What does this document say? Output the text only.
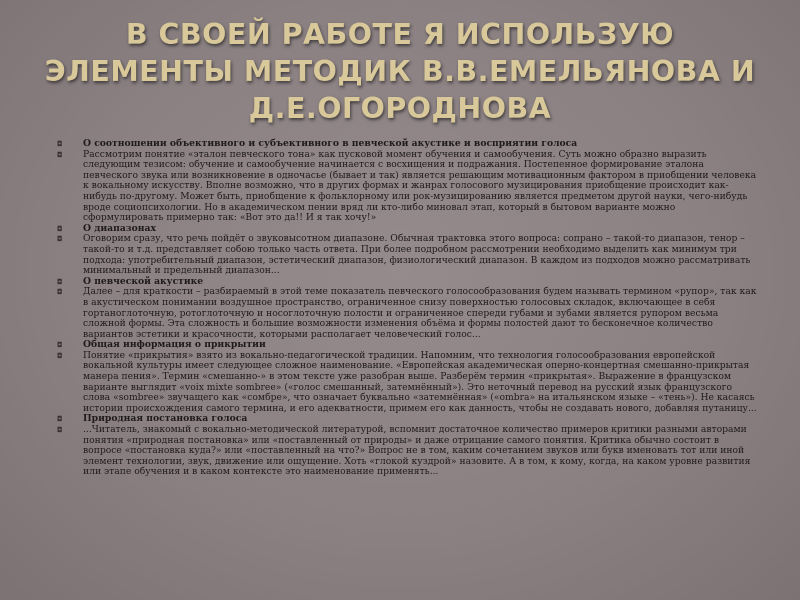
В СВОЕЙ РАБОТЕ Я ИСПОЛЬЗУЮ
ЭЛЕМЕНТЫ МЕТОДИК В.В.ЕМЕЛЬЯНОВА И
Д.Е.ОГОРОДНОВА
◘	О соотношении объективного и субъективного в певческой акустике и восприятии голоса
◘	Рассмотрим понятие «эталон певческого тона» как пусковой момент обучения и самообучения. Суть можно образно выразить следующим тезисом: обучение и самообучение начинается с восхищения и подражания. Постепенное формирование эталона певческого звука или возникновение в одночасье (бывает и так) является решающим мотивационным фактором в приобщении человека к вокальному искусству. Вполне возможно, что в других формах и жанрах голосового музицирования приобщение происходит как-нибудь по-другому. Может быть, приобщение к фольклорному или рок-музицированию является предметом другой науки, чего-нибудь вроде социопсихологии. Но в академическом пении вряд ли кто-либо миновал этап, который в бытовом варианте можно сформулировать примерно так: «Вот это да!! И я так хочу!»
◘	О диапазонах
◘	Оговорим сразу, что речь пойдёт о звуковысотном диапазоне. Обычная трактовка этого вопроса: сопрано – такой-то диапазон, тенор – такой-то и т.д. представляет собою только часть ответа. При более подробном рассмотрении необходимо выделить как минимум три подхода: употребительный диапазон, эстетический диапазон, физиологический диапазон. В каждом из подходов можно рассматривать минимальный и предельный диапазон...
◘	О певческой акустике
◘	Далее – для краткости – разбираемый в этой теме показатель певческого голосообразования будем называть термином «рупор», так как в акустическом понимании воздушное пространство, ограниченное снизу поверхностью голосовых складок, включающее в себя гортаноглоточную, ротоглоточную и носоглоточную полости и ограниченное спереди губами и зубами является рупором весьма сложной формы. Эта сложность и большие возможности изменения объёма и формы полостей дают то бесконечное количество вариантов эстетики и красочности, которыми располагает человеческий голос...
◘	Общая информация о прикрытии
◘	Понятие «прикрытия» взято из вокально-педагогической традиции. Напомним, что технология голосообразования европейской вокальной культуры имеет следующее сложное наименование. «Европейская академическая оперно-концертная смешанно-прикрытая манера пения». Термин «смешанно-» в этом тексте уже разобран выше. Разберём термин «прикрытая». Выражение в французском варианте выглядит «voix mixte sombree» («голос смешанный, затемнённый»). Это неточный перевод на русский язык французского слова «sombree» звучащего как «сомбре», что означает буквально «затемнённая» («ombra» на итальянском языке – «тень»). Не касаясь истории происхождения самого термина, и его адекватности, примем его как данность, чтобы не создавать нового, добавляя путаницу...
◘	Природная постановка голоса
◘	...Читатель, знакомый с вокально-методической литературой, вспомнит достаточное количество примеров критики разными авторами понятия «природная постановка» или «поставленный от природы» и даже отрицание самого понятия. Критика обычно состоит в вопросе «постановка куда?» или «поставленный на что?» Вопрос не в том, каким сочетанием звуков или букв именовать тот или иной элемент технологии, звук, движение или ощущение. Хоть «глокой куздрой» назовите. А в том, к кому, когда, на каком уровне развития или этапе обучения и в каком контексте это наименование применять...
